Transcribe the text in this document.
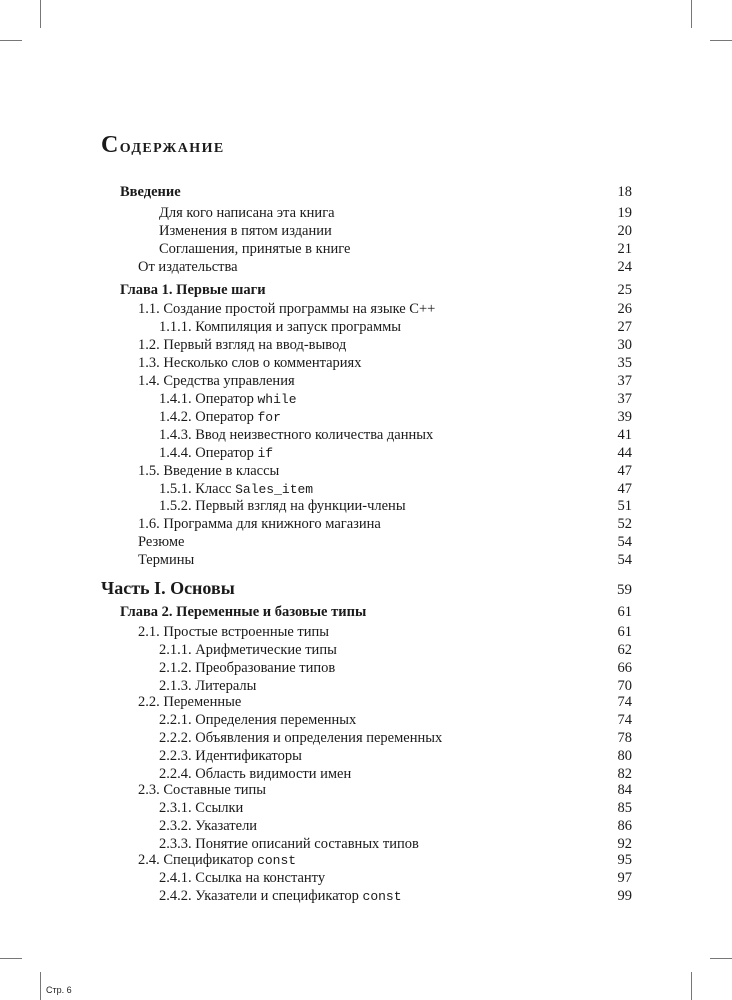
Содержание
Введение	18
Для кого написана эта книга	19
Изменения в пятом издании	20
Соглашения, принятые в книге	21
От издательства	24
Глава 1. Первые шаги	25
1.1. Создание простой программы на языке C++	26
1.1.1. Компиляция и запуск программы	27
1.2. Первый взгляд на ввод-вывод	30
1.3. Несколько слов о комментариях	35
1.4. Средства управления	37
1.4.1. Оператор while	37
1.4.2. Оператор for	39
1.4.3. Ввод неизвестного количества данных	41
1.4.4. Оператор if	44
1.5. Введение в классы	47
1.5.1. Класс Sales_item	47
1.5.2. Первый взгляд на функции-члены	51
1.6. Программа для книжного магазина	52
Резюме	54
Термины	54
Часть I. Основы	59
Глава 2. Переменные и базовые типы	61
2.1. Простые встроенные типы	61
2.1.1. Арифметические типы	62
2.1.2. Преобразование типов	66
2.1.3. Литералы	70
2.2. Переменные	74
2.2.1. Определения переменных	74
2.2.2. Объявления и определения переменных	78
2.2.3. Идентификаторы	80
2.2.4. Область видимости имен	82
2.3. Составные типы	84
2.3.1. Ссылки	85
2.3.2. Указатели	86
2.3.3. Понятие описаний составных типов	92
2.4. Спецификатор const	95
2.4.1. Ссылка на константу	97
2.4.2. Указатели и спецификатор const	99
Стр. 6
